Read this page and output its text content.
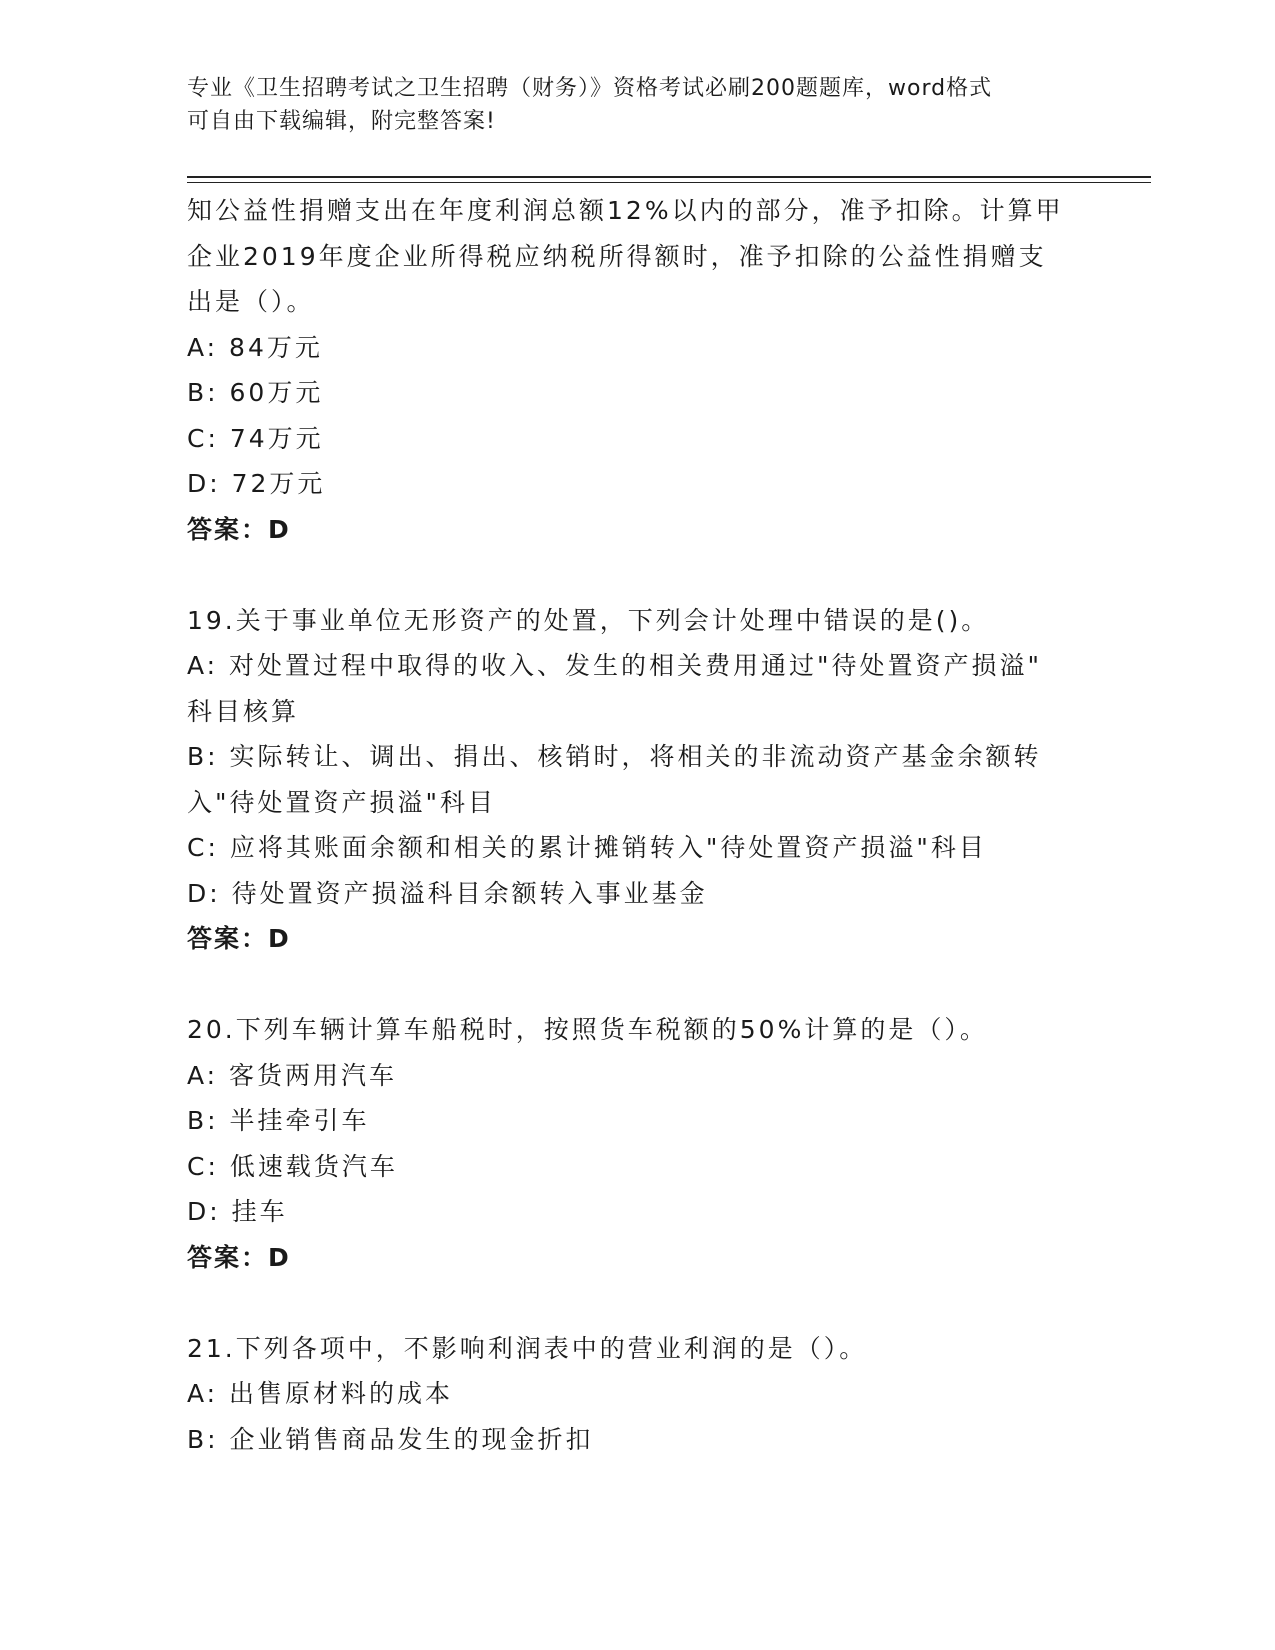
专业《卫生招聘考试之卫生招聘（财务）》资格考试必刷200题题库，word格式
可自由下载编辑，附完整答案!
知公益性捐赠支出在年度利润总额12%以内的部分，准予扣除。计算甲
企业2019年度企业所得税应纳税所得额时，准予扣除的公益性捐赠支
出是（）。
A: 84万元
B: 60万元
C: 74万元
D: 72万元
答案：D
19.关于事业单位无形资产的处置，下列会计处理中错误的是()。
A: 对处置过程中取得的收入、发生的相关费用通过"待处置资产损溢"
科目核算
B: 实际转让、调出、捐出、核销时，将相关的非流动资产基金余额转
入"待处置资产损溢"科目
C: 应将其账面余额和相关的累计摊销转入"待处置资产损溢"科目
D: 待处置资产损溢科目余额转入事业基金
答案：D
20.下列车辆计算车船税时，按照货车税额的50%计算的是（）。
A: 客货两用汽车
B: 半挂牵引车
C: 低速载货汽车
D: 挂车
答案：D
21.下列各项中，不影响利润表中的营业利润的是（）。
A: 出售原材料的成本
B: 企业销售商品发生的现金折扣
